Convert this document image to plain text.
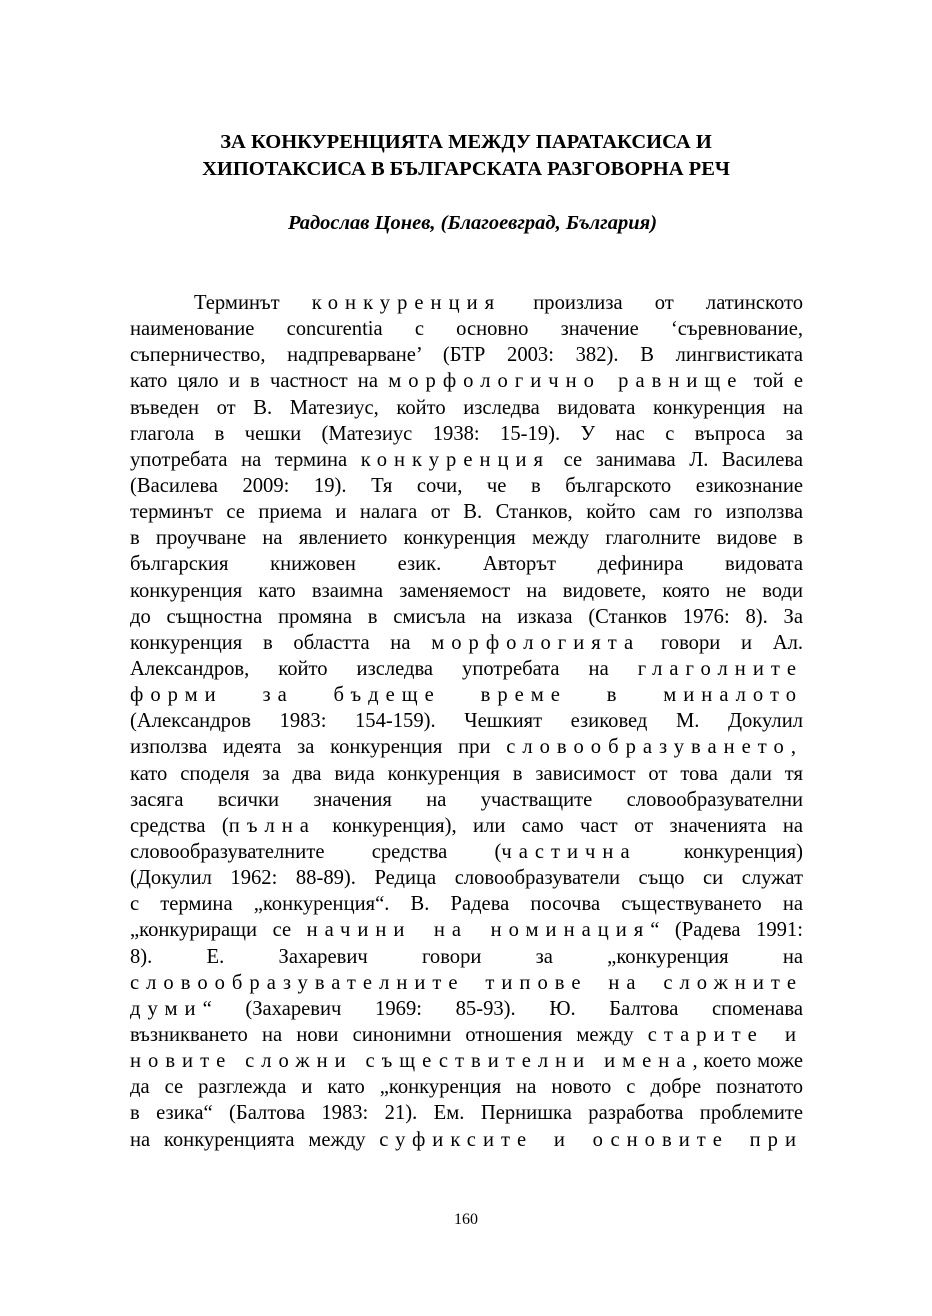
ЗА КОНКУРЕНЦИЯТА МЕЖДУ ПАРАТАКСИСА И
ХИПОТАКСИСА В БЪЛГАРСКАТА РАЗГОВОРНА РЕЧ
Радослав Цонев, (Благоевград, България)
Терминът конкуренция произлиза от латинското
наименование concurentia с основно значение ‘съревнование,
съперничество, надпреварване’ (БТР 2003: 382). В лингвистиката
като цяло и в частност на морфологично равнище той е
въведен от В. Матезиус, който изследва видовата конкуренция на
глагола в чешки (Матезиус 1938: 15-19). У нас с въпроса за
употребата на термина конкуренция се занимава Л. Василева
(Василева 2009: 19). Тя сочи, че в българското езикознание
терминът се приема и налага от В. Станков, който сам го използва
в проучване на явлението конкуренция между глаголните видове в
българския книжовен език. Авторът дефинира видовата
конкуренция като взаимна заменяемост на видовете, която не води
до същностна промяна в смисъла на изказа (Станков 1976: 8). За
конкуренция в областта на морфологията говори и Ал.
Александров, който изследва употребата на глаголните
форми за бъдеще време в миналото
(Александров 1983: 154-159). Чешкият езиковед М. Докулил
използва идеята за конкуренция при словообразуването,
като споделя за два вида конкуренция в зависимост от това дали тя
засяга всички значения на участващите словообразувателни
средства (пълна конкуренция), или само част от значенията на
словообразувателните средства (частична конкуренция)
(Докулил 1962: 88-89). Редица словообразуватели също си служат
с термина „конкуренция“. В. Радева посочва съществуването на
„конкуриращи се начини на номинация“ (Радева 1991:
8). Е. Захаревич говори за „конкуренция на
словообразувателните типове на сложните
думи“ (Захаревич 1969: 85-93). Ю. Балтова споменава
възникването на нови синонимни отношения между старите и
новите сложни съществителни имена, което може
да се разглежда и като „конкуренция на новото с добре познатото
в езика“ (Балтова 1983: 21). Ем. Пернишка разработва проблемите
на конкуренцията между суфиксите и основите при
160
